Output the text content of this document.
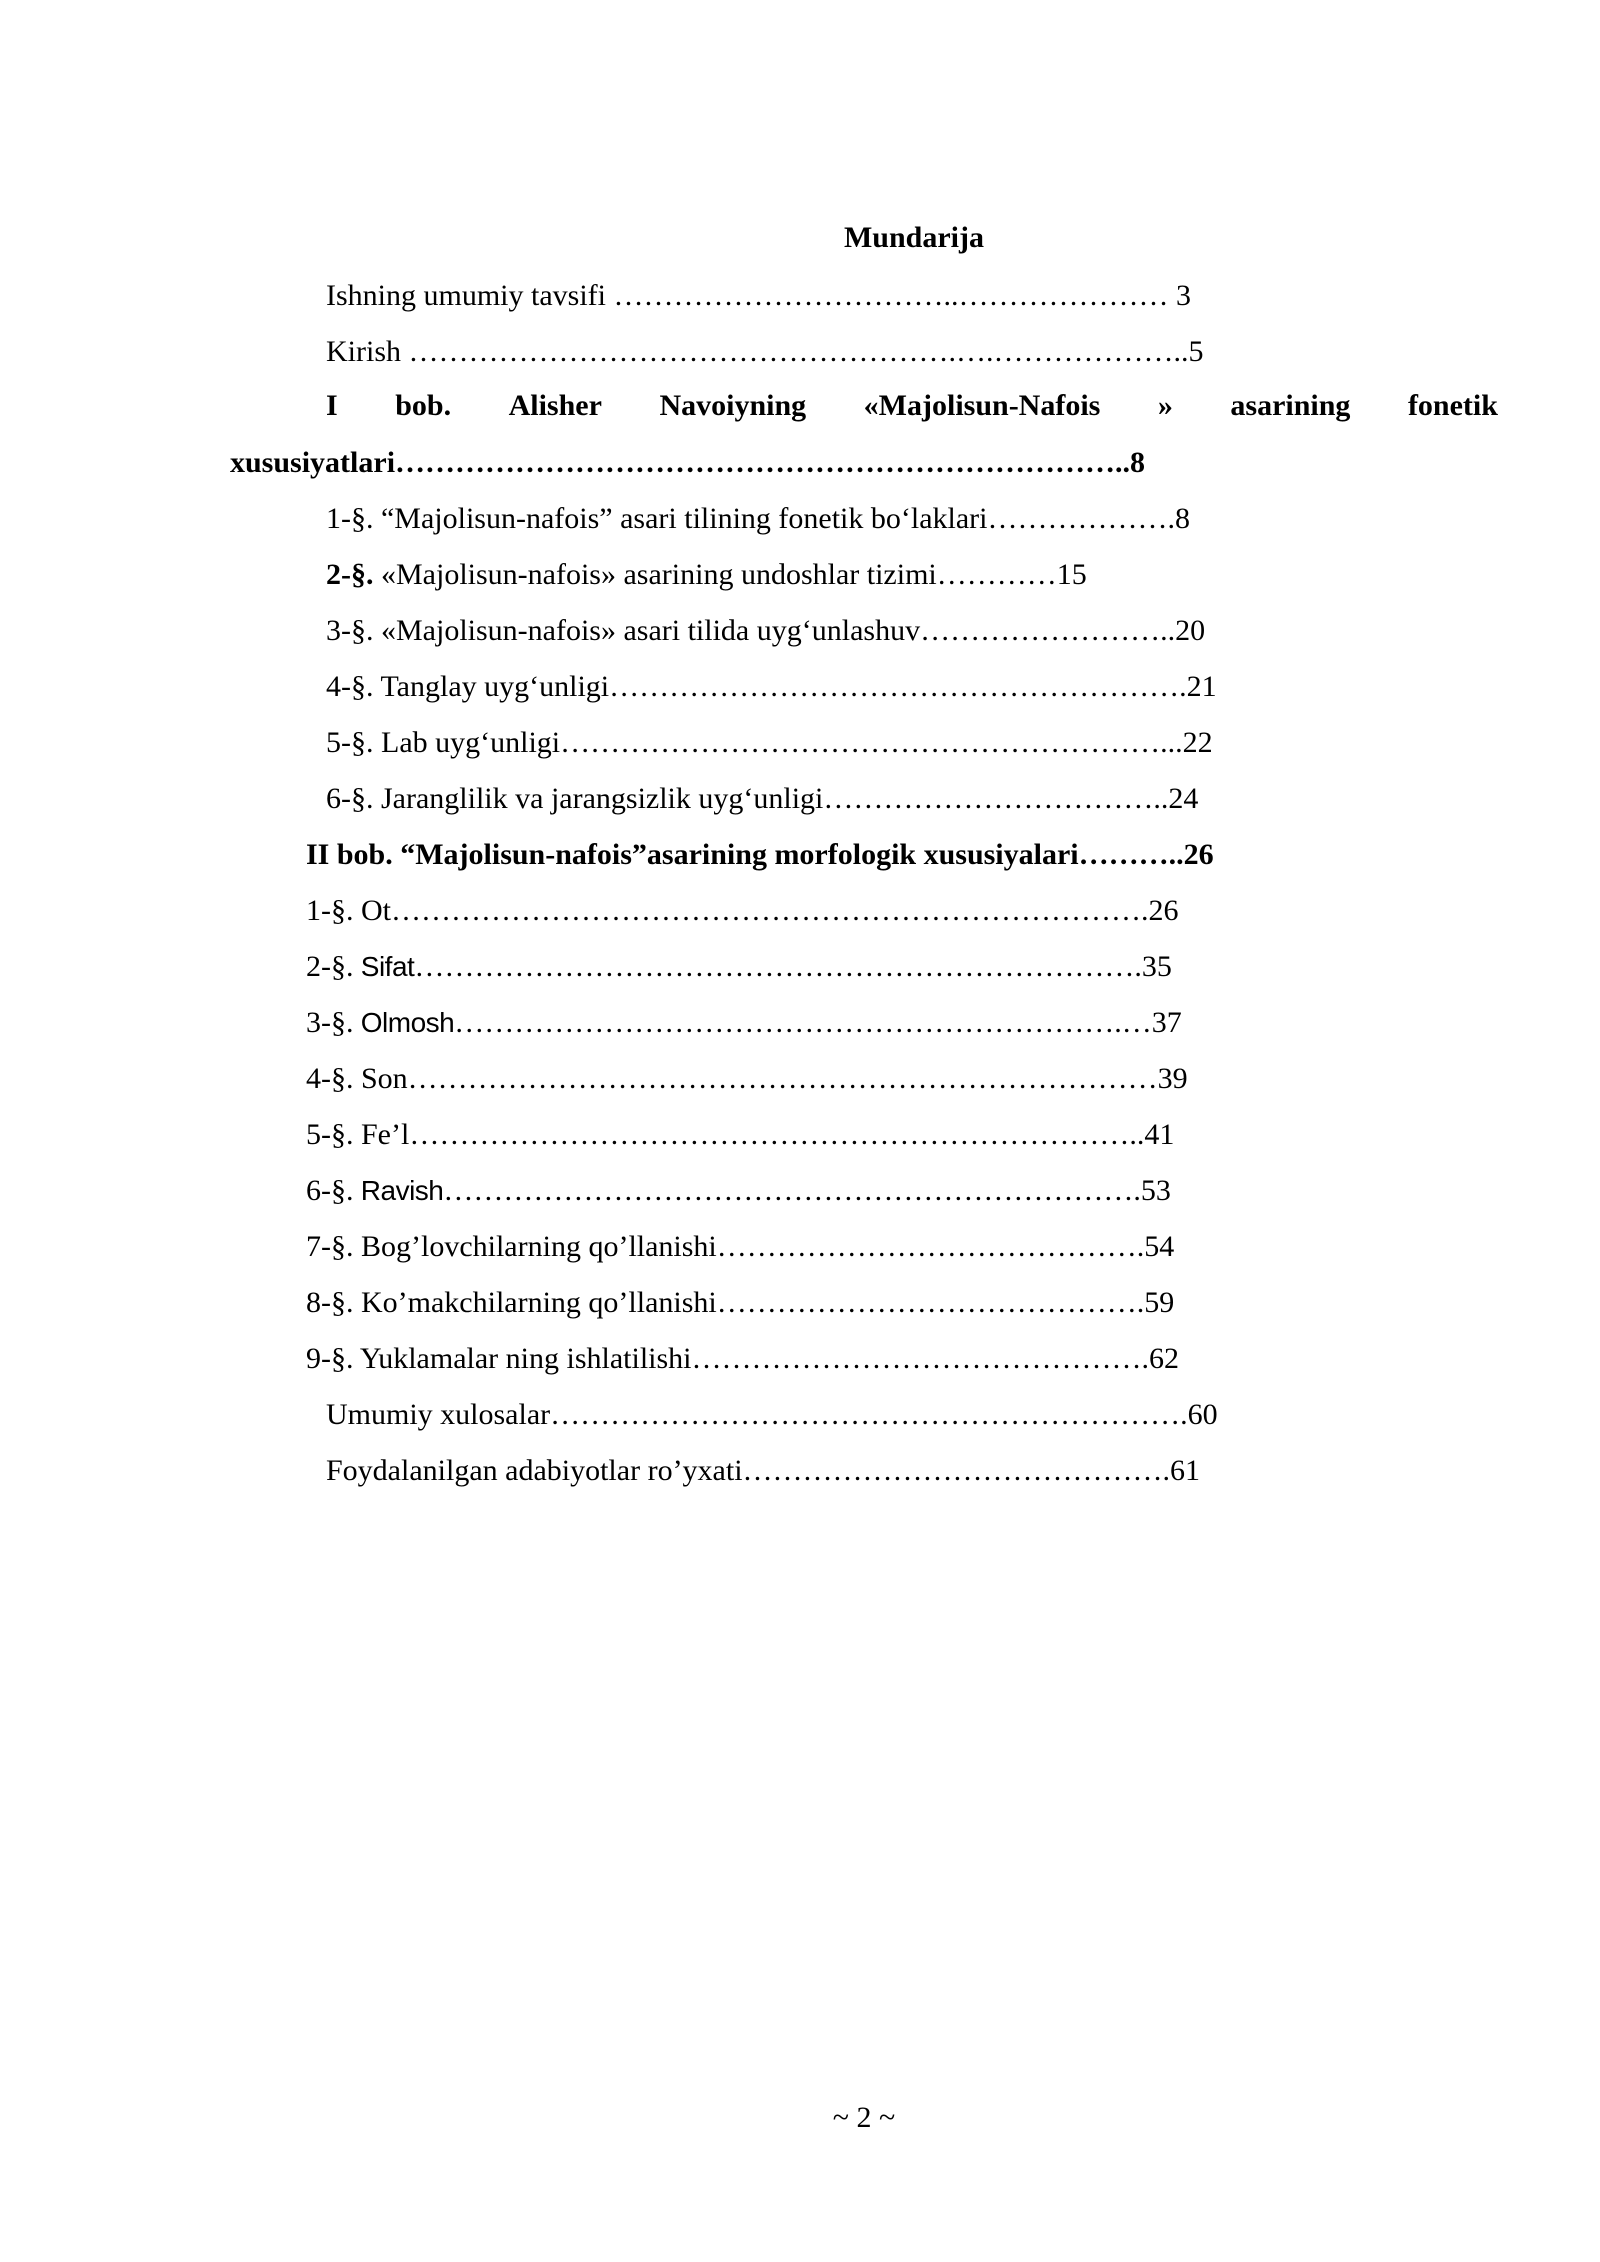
Mundarija
Ishning umumiy tavsifi ……………………………..………………… 3
Kirish ……………………………………………….….………………..5
I bob. Alisher Navoiyning «Majolisun-Nafois » asarining fonetik
xususiyatlari………………………………………………………………..8
1-§. “Majolisun-nafois” asari tilining fonetik bo‘laklari……………….8
2-§. «Majolisun-nafois» asarining undoshlar tizimi…………15
3-§. «Majolisun-nafois» asari tilida uyg‘unlashuv……………………..20
4-§. Tanglay uyg‘unligi………………………………………………….21
5-§. Lab uyg‘unligi……………………………………………………...22
6-§. Jaranglilik va jarangsizlik uyg‘unligi……………………………..24
II bob. “Majolisun-nafois”asarining morfologik xususiyalari………..26
1-§. Ot………………………………………………………………….26
2-§. Sifat……………………………………………………………….35
3-§. Olmosh………………………………………………………….…37
4-§. Son…………………………………………………………………39
5-§. Fe’l………………………………………………………………..41
6-§. Ravish…………………………………………………………….53
7-§. Bog’lovchilarning qo’llanishi…………………………………….54
8-§. Ko’makchilarning qo’llanishi…………………………………….59
9-§. Yuklamalar ning ishlatilishi……………………………………….62
Umumiy xulosalar……………………………………………………….60
Foydalanilgan adabiyotlar ro’yxati…………………………………….61
~ 2 ~
